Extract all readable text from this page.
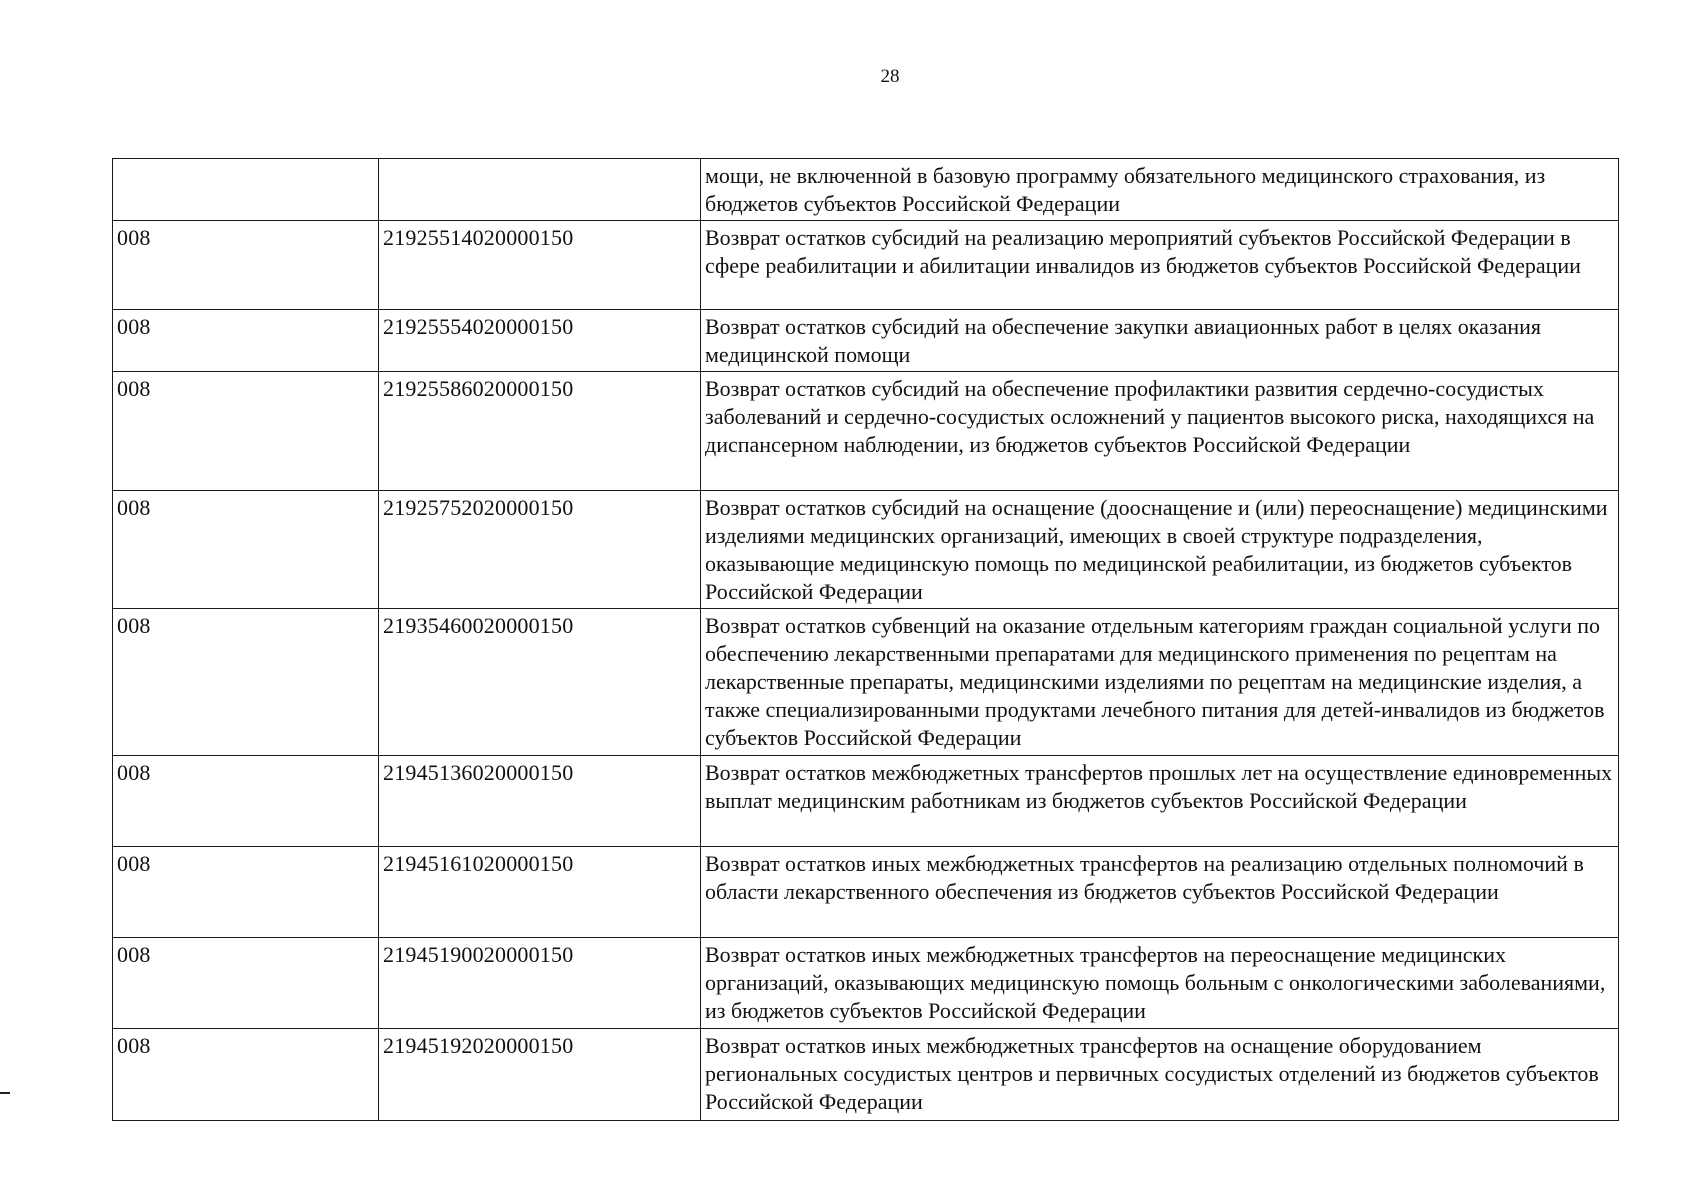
28
		мощи, не включенной в базовую программу обязательного медицинского страхования, из бюджетов субъектов Российской Федерации
008	21925514020000150	Возврат остатков субсидий на реализацию мероприятий субъектов Российской Федерации в сфере реабилитации и абилитации инвалидов из бюджетов субъектов Российской Федерации
008	21925554020000150	Возврат остатков субсидий на обеспечение закупки авиационных работ в целях оказания медицинской помощи
008	21925586020000150	Возврат остатков субсидий на обеспечение профилактики развития сердечно-сосудистых заболеваний и сердечно-сосудистых осложнений у пациентов высокого риска, находящихся на диспансерном наблюдении, из бюджетов субъектов Российской Федерации
008	21925752020000150	Возврат остатков субсидий на оснащение (дооснащение и (или) переоснащение) медицинскими изделиями медицинских организаций, имеющих в своей структуре подразделения, оказывающие медицинскую помощь по медицинской реабилитации, из бюджетов субъектов Российской Федерации
008	21935460020000150	Возврат остатков субвенций на оказание отдельным категориям граждан социальной услуги по обеспечению лекарственными препаратами для медицинского применения по рецептам на лекарственные препараты, медицинскими изделиями по рецептам на медицинские изделия, а также специализированными продуктами лечебного питания для детей-инвалидов из бюджетов субъектов Российской Федерации
008	21945136020000150	Возврат остатков межбюджетных трансфертов прошлых лет на осуществление единовременных выплат медицинским работникам из бюджетов субъектов Российской Федерации
008	21945161020000150	Возврат остатков иных межбюджетных трансфертов на реализацию отдельных полномочий в области лекарственного обеспечения из бюджетов субъектов Российской Федерации
008	21945190020000150	Возврат остатков иных межбюджетных трансфертов на переоснащение медицинских организаций, оказывающих медицинскую помощь больным с онкологическими заболеваниями, из бюджетов субъектов Российской Федерации
008	21945192020000150	Возврат остатков иных межбюджетных трансфертов на оснащение оборудованием региональных сосудистых центров и первичных сосудистых отделений из бюджетов субъектов Российской Федерации
